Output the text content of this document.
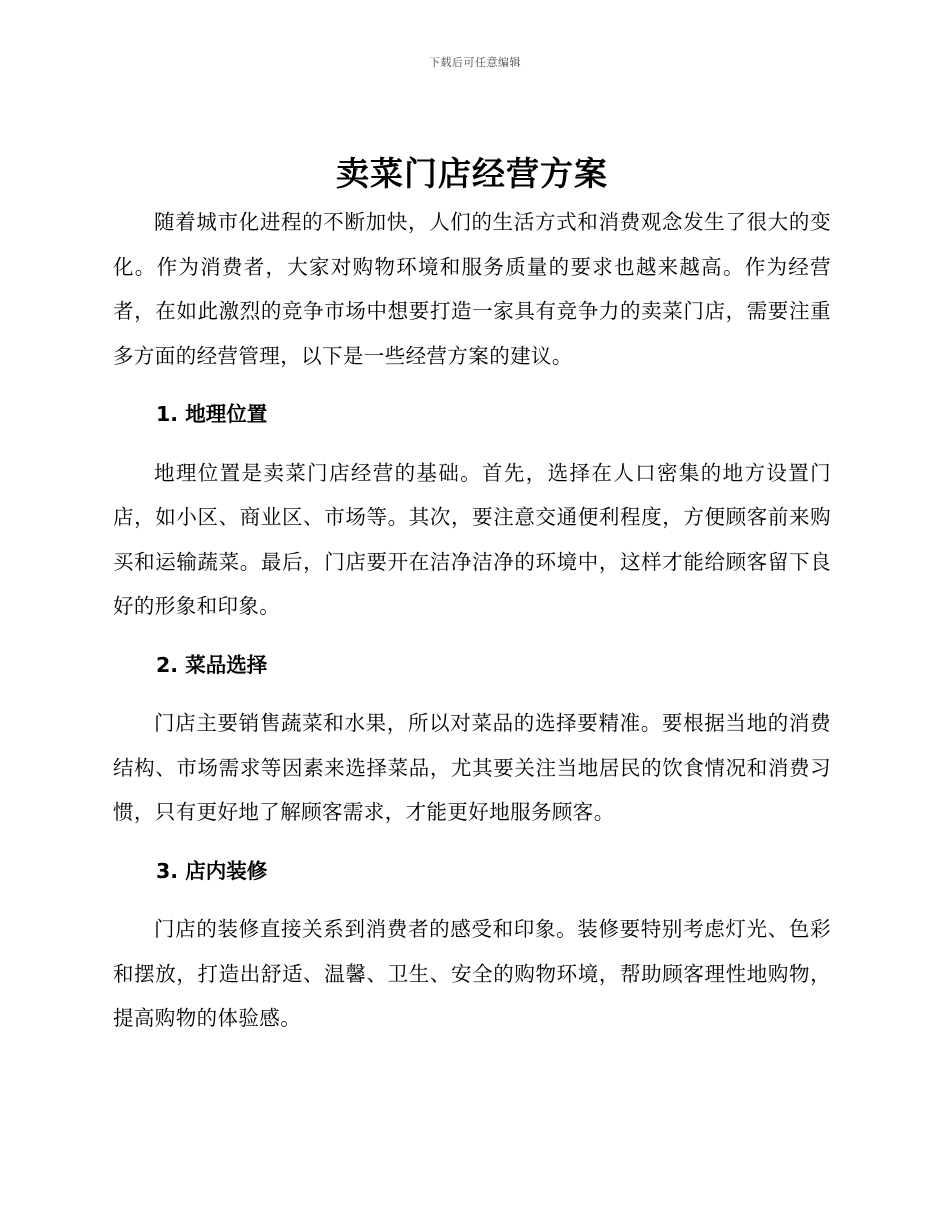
下载后可任意编辑
卖菜门店经营方案

随着城市化进程的不断加快，人们的生活方式和消费观念发生了很大的变化。作为消费者，大家对购物环境和服务质量的要求也越来越高。作为经营者，在如此激烈的竞争市场中想要打造一家具有竞争力的卖菜门店，需要注重多方面的经营管理，以下是一些经营方案的建议。

1. 地理位置

地理位置是卖菜门店经营的基础。首先，选择在人口密集的地方设置门店，如小区、商业区、市场等。其次，要注意交通便利程度，方便顾客前来购买和运输蔬菜。最后，门店要开在洁净洁净的环境中，这样才能给顾客留下良好的形象和印象。

2. 菜品选择

门店主要销售蔬菜和水果，所以对菜品的选择要精准。要根据当地的消费结构、市场需求等因素来选择菜品，尤其要关注当地居民的饮食情况和消费习惯，只有更好地了解顾客需求，才能更好地服务顾客。

3. 店内装修

门店的装修直接关系到消费者的感受和印象。装修要特别考虑灯光、色彩和摆放，打造出舒适、温馨、卫生、安全的购物环境，帮助顾客理性地购物，提高购物的体验感。
